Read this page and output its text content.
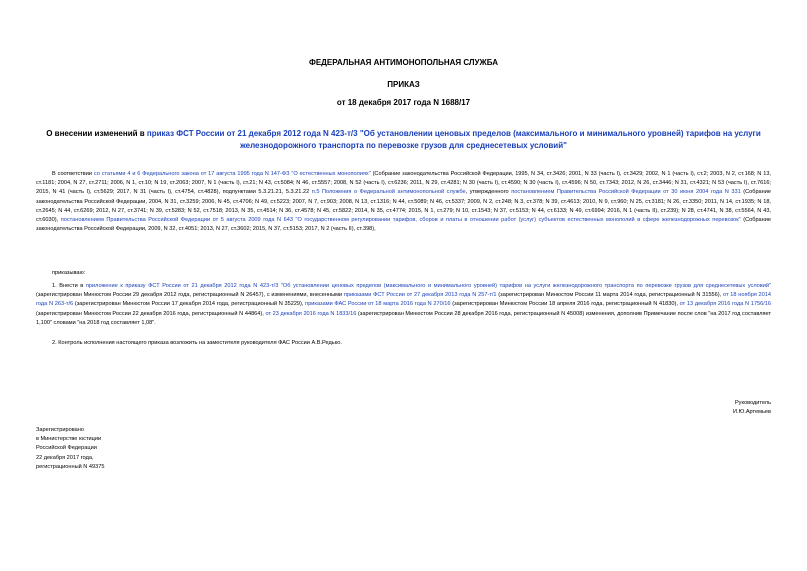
ФЕДЕРАЛЬНАЯ АНТИМОНОПОЛЬНАЯ СЛУЖБА
ПРИКАЗ
от 18 декабря 2017 года N 1688/17
О внесении изменений в приказ ФСТ России от 21 декабря 2012 года N 423-т/3 "Об установлении ценовых пределов (максимального и минимального уровней) тарифов на услуги железнодорожного транспорта по перевозке грузов для среднесетевых условий"
В соответствии со статьями 4 и 6 Федерального закона от 17 августа 1995 года N 147-ФЗ "О естественных монополиях" (Собрание законодательства Российской Федерации, 1995, N 34, ст.3426; 2001, N 33 (часть I), ст.3429; 2002, N 1 (часть I), ст.2; 2003, N 2, ст.168; N 13, ст.1181; 2004, N 27, ст.2711; 2006, N 1, ст.10; N 19, ст.2063; 2007, N 1 (часть I), ст.21; N 43, ст.5084; N 46, ст.5557; 2008, N 52 (часть I), ст.6236; 2011, N 29, ст.4281; N 30 (часть I), ст.4590; N 30 (часть I), ст.4596; N 50, ст.7343; 2012, N 26, ст.3446; N 31, ст.4321; N 53 (часть I), ст.7616; 2015, N 41 (часть I), ст.5629; 2017, N 31 (часть I), ст.4754, ст.4828), подпунктами 5.3.21.21, 5.3.21.22 п.5 Положения о Федеральной антимонопольной службе, утвержденного постановлением Правительства Российской Федерации от 30 июня 2004 года N 331 (Собрание законодательства Российской Федерации, 2004, N 31, ст.3259; 2006, N 45, ст.4706; N 49, ст.5223; 2007, N 7, ст.903; 2008, N 13, ст.1316; N 44, ст.5089; N 46, ст.5337; 2009, N 2, ст.248; N 3, ст.378; N 39, ст.4613; 2010, N 9, ст.960; N 25, ст.3181; N 26, ст.3350; 2011, N 14, ст.1935; N 18, ст.2645; N 44, ст.6269; 2012, N 27, ст.3741; N 39, ст.5283; N 52, ст.7518; 2013, N 35, ст.4514; N 36, ст.4578; N 45, ст.5822; 2014, N 35, ст.4774; 2015, N 1, ст.279; N 10, ст.1543; N 37, ст.5153; N 44, ст.6133; N 49, ст.6994; 2016, N 1 (часть II), ст.239); N 28, ст.4741, N 38, ст.5564, N 43, ст.6030), постановлением Правительства Российской Федерации от 5 августа 2009 года N 643 "О государственном регулировании тарифов, сборов и платы в отношении работ (услуг) субъектов естественных монополий в сфере железнодорожных перевозок" (Собрание законодательства Российской Федерации, 2009, N 32, ст.4051; 2013, N 27, ст.3602; 2015, N 37, ст.5153; 2017, N 2 (часть II), ст.398),
приказываю:
1. Внести в приложение к приказу ФСТ России от 21 декабря 2012 года N 423-т/3 "Об установлении ценовых пределов (максимального и минимального уровней) тарифов на услуги железнодорожного транспорта по перевозке грузов для среднесетевых условий" (зарегистрирован Минюстом России 29 декабря 2012 года, регистрационный N 26457), с изменениями, внесенными приказами ФСТ России от 27 декабря 2013 года N 257-т/1 (зарегистрирован Минюстом России 11 марта 2014 года, регистрационный N 31556), от 18 ноября 2014 года N 263-т/6 (зарегистрирован Минюстом России 17 декабря 2014 года, регистрационный N 35229), приказами ФАС России от 18 марта 2016 года N 270/16 (зарегистрирован Минюстом России 18 апреля 2016 года, регистрационный N 41830), от 13 декабря 2016 года N 1756/16 (зарегистрирован Минюстом России 22 декабря 2016 года, регистрационный N 44864), от 23 декабря 2016 года N 1833/16 (зарегистрирован Минюстом России 28 декабря 2016 года, регистрационный N 45008) изменения, дополнив Примечание после слов "на 2017 год составляет 1,100" словами "на 2018 год составляет 1,08".
2. Контроль исполнения настоящего приказа возложить на заместителя руководителя ФАС России А.В.Редько.
Руководитель
И.Ю.Артемьев
Зарегистрировано
в Министерстве юстиции
Российской Федерации
22 декабря 2017 года,
регистрационный N 49375
